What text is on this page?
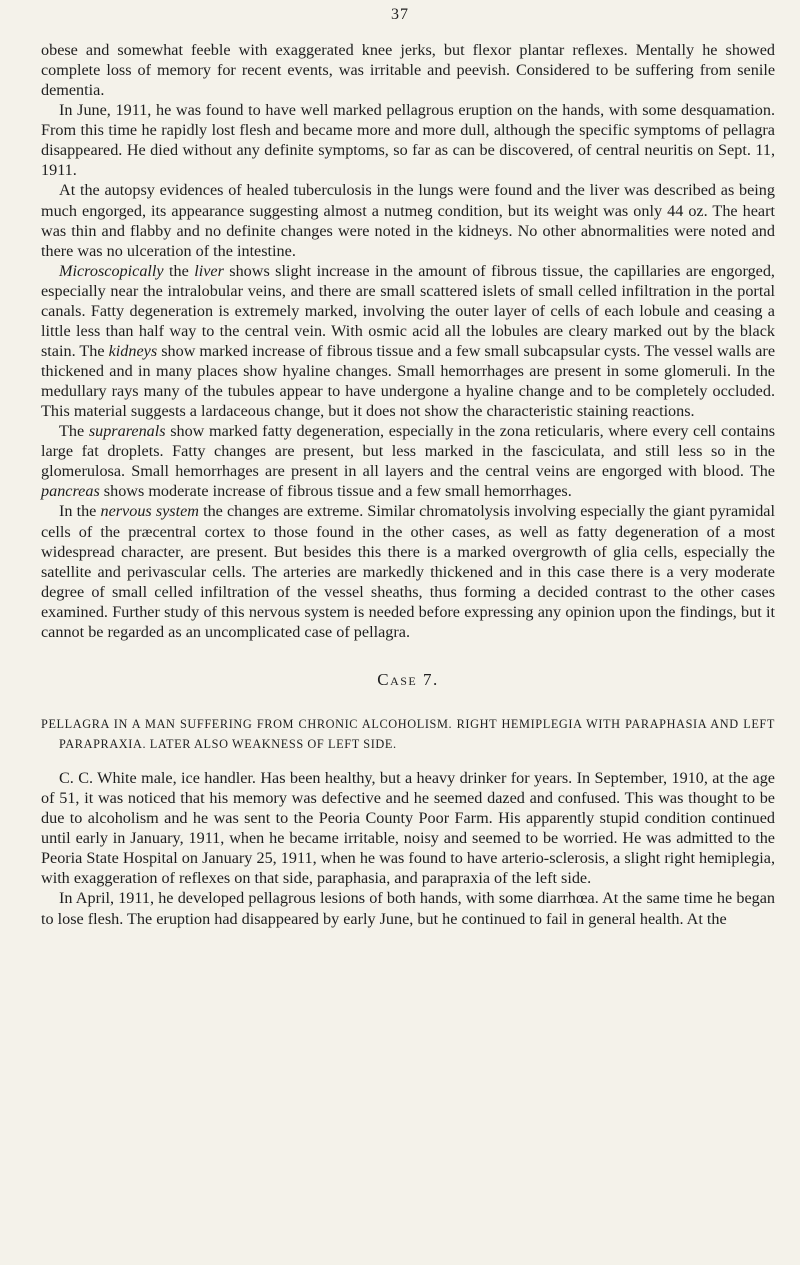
37

obese and somewhat feeble with exaggerated knee jerks, but flexor plantar reflexes. Mentally he showed complete loss of memory for recent events, was irritable and peevish. Considered to be suffering from senile dementia.

In June, 1911, he was found to have well marked pellagrous eruption on the hands, with some desquamation. From this time he rapidly lost flesh and became more and more dull, although the specific symptoms of pellagra disappeared. He died without any definite symptoms, so far as can be discovered, of central neuritis on Sept. 11, 1911.

At the autopsy evidences of healed tuberculosis in the lungs were found and the liver was described as being much engorged, its appearance suggesting almost a nutmeg condition, but its weight was only 44 oz. The heart was thin and flabby and no definite changes were noted in the kidneys. No other abnormalities were noted and there was no ulceration of the intestine.

Microscopically the liver shows slight increase in the amount of fibrous tissue, the capillaries are engorged, especially near the intralobular veins, and there are small scattered islets of small celled infiltration in the portal canals. Fatty degeneration is extremely marked, involving the outer layer of cells of each lobule and ceasing a little less than half way to the central vein. With osmic acid all the lobules are cleary marked out by the black stain. The kidneys show marked increase of fibrous tissue and a few small subcapsular cysts. The vessel walls are thickened and in many places show hyaline changes. Small hemorrhages are present in some glomeruli. In the medullary rays many of the tubules appear to have undergone a hyaline change and to be completely occluded. This material suggests a lardaceous change, but it does not show the characteristic staining reactions.

The suprarenals show marked fatty degeneration, especially in the zona reticularis, where every cell contains large fat droplets. Fatty changes are present, but less marked in the fasciculata, and still less so in the glomerulosa. Small hemorrhages are present in all layers and the central veins are engorged with blood. The pancreas shows moderate increase of fibrous tissue and a few small hemorrhages.

In the nervous system the changes are extreme. Similar chromatolysis involving especially the giant pyramidal cells of the præcentral cortex to those found in the other cases, as well as fatty degeneration of a most widespread character, are present. But besides this there is a marked overgrowth of glia cells, especially the satellite and perivascular cells. The arteries are markedly thickened and in this case there is a very moderate degree of small celled infiltration of the vessel sheaths, thus forming a decided contrast to the other cases examined. Further study of this nervous system is needed before expressing any opinion upon the findings, but it cannot be regarded as an uncomplicated case of pellagra.

Case 7.
PELLAGRA IN A MAN SUFFERING FROM CHRONIC ALCOHOLISM. RIGHT HEMIPLEGIA WITH PARAPHASIA AND LEFT PARAPRAXIA. LATER ALSO WEAKNESS OF LEFT SIDE.

C. C. White male, ice handler. Has been healthy, but a heavy drinker for years. In September, 1910, at the age of 51, it was noticed that his memory was defective and he seemed dazed and confused. This was thought to be due to alcoholism and he was sent to the Peoria County Poor Farm. His apparently stupid condition continued until early in January, 1911, when he became irritable, noisy and seemed to be worried. He was admitted to the Peoria State Hospital on January 25, 1911, when he was found to have arterio-sclerosis, a slight right hemiplegia, with exaggeration of reflexes on that side, paraphasia, and parapraxia of the left side.

In April, 1911, he developed pellagrous lesions of both hands, with some diarrhœa. At the same time he began to lose flesh. The eruption had disappeared by early June, but he continued to fail in general health. At the
